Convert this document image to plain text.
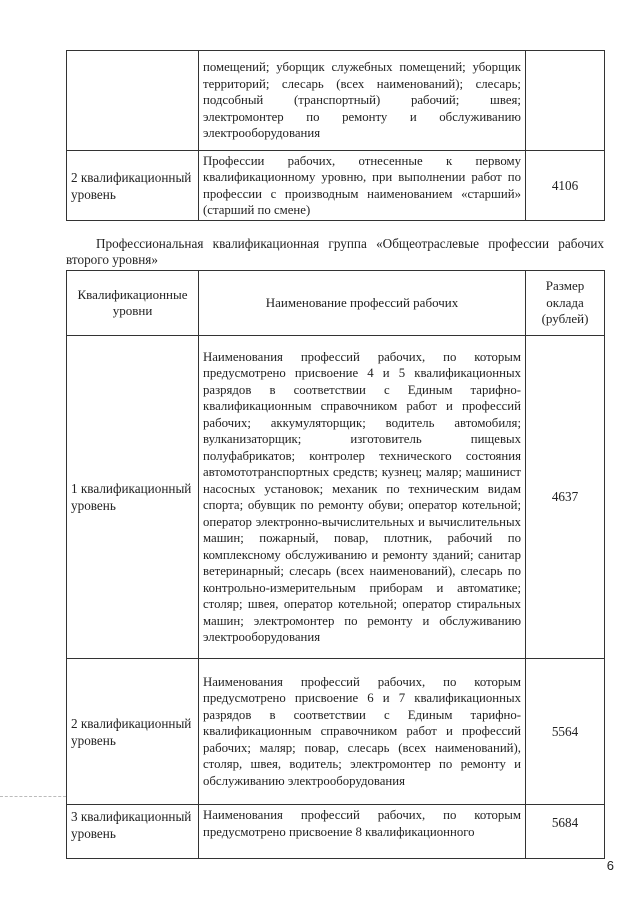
	помещений; уборщик служебных помещений; уборщик территорий; слесарь (всех наименований); слесарь; подсобный (транспортный) рабочий; швея; электромонтер по ремонту и обслуживанию электрооборудования	
2 квалификационный уровень	Профессии рабочих, отнесенные к первому квалификационному уровню, при выполнении работ по профессии с производным наименованием «старший» (старший по смене)	4106
Профессиональная квалификационная группа «Общеотраслевые профессии рабочих второго уровня»
Квалификационные уровни	Наименование профессий рабочих	Размер оклада (рублей)
1 квалификационный уровень	Наименования профессий рабочих, по которым предусмотрено присвоение 4 и 5 квалификационных разрядов в соответствии с Единым тарифно-квалификационным справочником работ и профессий рабочих; аккумуляторщик; водитель автомобиля; вулканизаторщик; изготовитель пищевых полуфабрикатов; контролер технического состояния автомототранспортных средств; кузнец; маляр; машинист насосных установок; механик по техническим видам спорта; обувщик по ремонту обуви; оператор котельной; оператор электронно-вычислительных и вычислительных машин; пожарный, повар, плотник, рабочий по комплексному обслуживанию и ремонту зданий; санитар ветеринарный; слесарь (всех наименований), слесарь по контрольно-измерительным приборам и автоматике; столяр; швея, оператор котельной; оператор стиральных машин; электромонтер по ремонту и обслуживанию электрооборудования	4637
2 квалификационный уровень	Наименования профессий рабочих, по которым предусмотрено присвоение 6 и 7 квалификационных разрядов в соответствии с Единым тарифно-квалификационным справочником работ и профессий рабочих; маляр; повар, слесарь (всех наименований), столяр, швея, водитель; электромонтер по ремонту и обслуживанию электрооборудования	5564
3 квалификационный уровень	Наименования профессий рабочих, по которым предусмотрено присвоение 8 квалификационного	5684
6
